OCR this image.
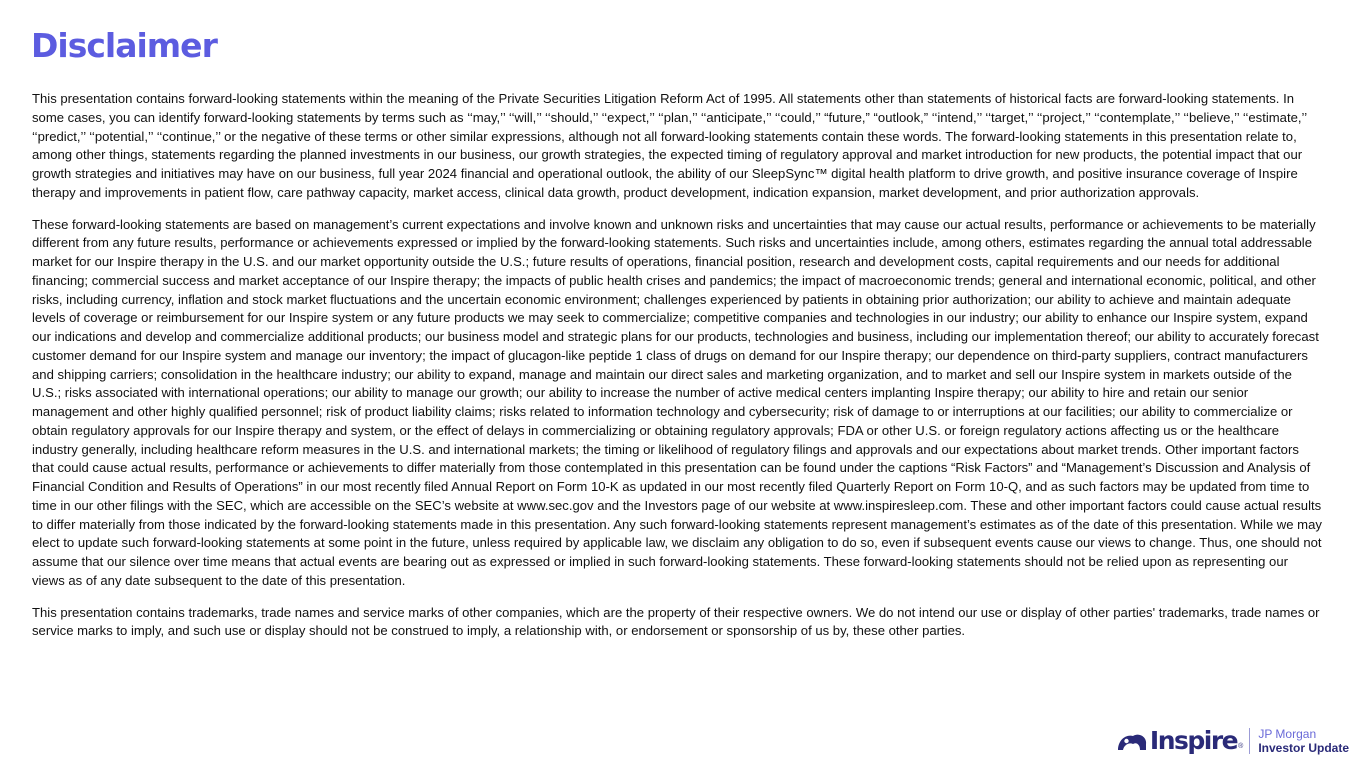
Disclaimer

This presentation contains forward-looking statements within the meaning of the Private Securities Litigation Reform Act of 1995. All statements other than statements of historical facts are forward-looking statements. In some cases, you can identify forward-looking statements by terms such as ‘‘may,’’ ‘‘will,’’ ‘‘should,’’ ‘‘expect,’’ ‘‘plan,’’ ‘‘anticipate,’’ ‘‘could,’’ “future,” “outlook,” ‘‘intend,’’ ‘‘target,’’ ‘‘project,’’ ‘‘contemplate,’’ ‘‘believe,’’ ‘‘estimate,’’ ‘‘predict,’’ ‘‘potential,’’ ‘‘continue,’’ or the negative of these terms or other similar expressions, although not all forward-looking statements contain these words. The forward-looking statements in this presentation relate to, among other things, statements regarding the planned investments in our business, our growth strategies, the expected timing of regulatory approval and market introduction for new products, the potential impact that our growth strategies and initiatives may have on our business, full year 2024 financial and operational outlook, the ability of our SleepSync™ digital health platform to drive growth, and positive insurance coverage of Inspire therapy and improvements in patient flow, care pathway capacity, market access, clinical data growth, product development, indication expansion, market development, and prior authorization approvals.

These forward-looking statements are based on management’s current expectations and involve known and unknown risks and uncertainties that may cause our actual results, performance or achievements to be materially different from any future results, performance or achievements expressed or implied by the forward-looking statements. Such risks and uncertainties include, among others, estimates regarding the annual total addressable market for our Inspire therapy in the U.S. and our market opportunity outside the U.S.; future results of operations, financial position, research and development costs, capital requirements and our needs for additional financing; commercial success and market acceptance of our Inspire therapy; the impacts of public health crises and pandemics; the impact of macroeconomic trends; general and international economic, political, and other risks, including currency, inflation and stock market fluctuations and the uncertain economic environment; challenges experienced by patients in obtaining prior authorization; our ability to achieve and maintain adequate levels of coverage or reimbursement for our Inspire system or any future products we may seek to commercialize; competitive companies and technologies in our industry; our ability to enhance our Inspire system, expand our indications and develop and commercialize additional products; our business model and strategic plans for our products, technologies and business, including our implementation thereof; our ability to accurately forecast customer demand for our Inspire system and manage our inventory; the impact of glucagon-like peptide 1 class of drugs on demand for our Inspire therapy; our dependence on third-party suppliers, contract manufacturers and shipping carriers; consolidation in the healthcare industry; our ability to expand, manage and maintain our direct sales and marketing organization, and to market and sell our Inspire system in markets outside of the U.S.; risks associated with international operations; our ability to manage our growth; our ability to increase the number of active medical centers implanting Inspire therapy; our ability to hire and retain our senior management and other highly qualified personnel; risk of product liability claims; risks related to information technology and cybersecurity; risk of damage to or interruptions at our facilities; our ability to commercialize or obtain regulatory approvals for our Inspire therapy and system, or the effect of delays in commercializing or obtaining regulatory approvals; FDA or other U.S. or foreign regulatory actions affecting us or the healthcare industry generally, including healthcare reform measures in the U.S. and international markets; the timing or likelihood of regulatory filings and approvals and our expectations about market trends. Other important factors that could cause actual results, performance or achievements to differ materially from those contemplated in this presentation can be found under the captions “Risk Factors” and “Management’s Discussion and Analysis of Financial Condition and Results of Operations” in our most recently filed Annual Report on Form 10-K as updated in our most recently filed Quarterly Report on Form 10-Q, and as such factors may be updated from time to time in our other filings with the SEC, which are accessible on the SEC’s website at www.sec.gov and the Investors page of our website at www.inspiresleep.com. These and other important factors could cause actual results to differ materially from those indicated by the forward-looking statements made in this presentation. Any such forward-looking statements represent management’s estimates as of the date of this presentation. While we may elect to update such forward-looking statements at some point in the future, unless required by applicable law, we disclaim any obligation to do so, even if subsequent events cause our views to change. Thus, one should not assume that our silence over time means that actual events are bearing out as expressed or implied in such forward-looking statements. These forward-looking statements should not be relied upon as representing our views as of any date subsequent to the date of this presentation.

This presentation contains trademarks, trade names and service marks of other companies, which are the property of their respective owners. We do not intend our use or display of other parties' trademarks, trade names or service marks to imply, and such use or display should not be construed to imply, a relationship with, or endorsement or sponsorship of us by, these other parties.

Inspire ®
JP Morgan
Investor Update
